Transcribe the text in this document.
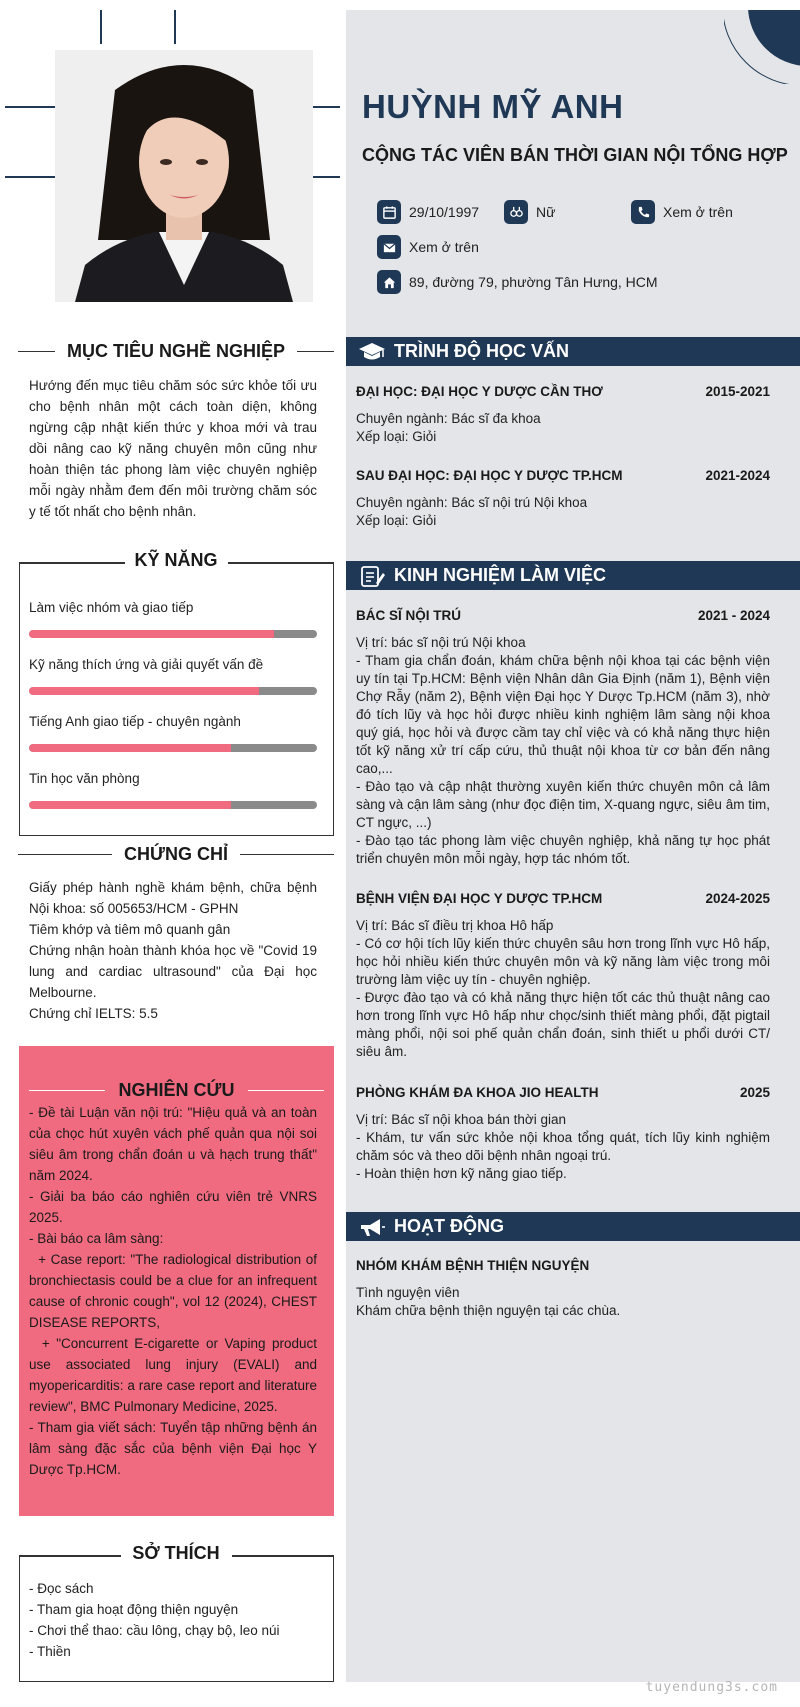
HUỲNH MỸ ANH
CỘNG TÁC VIÊN BÁN THỜI GIAN NỘI TỔNG HỢP
29/10/1997	Nữ	Xem ở trên
Xem ở trên
89, đường 79, phường Tân Hưng, HCM
MỤC TIÊU NGHỀ NGHIỆP
Hướng đến mục tiêu chăm sóc sức khỏe tối ưu cho bệnh nhân một cách toàn diện, không ngừng cập nhật kiến thức y khoa mới và trau dồi nâng cao kỹ năng chuyên môn cũng như hoàn thiện tác phong làm việc chuyên nghiệp mỗi ngày nhằm đem đến môi trường chăm sóc y tế tốt nhất cho bệnh nhân.
KỸ NĂNG
Làm việc nhóm và giao tiếp
Kỹ năng thích ứng và giải quyết vấn đề
Tiếng Anh giao tiếp - chuyên ngành
Tin học văn phòng
CHỨNG CHỈ
Giấy phép hành nghề khám bệnh, chữa bệnh Nội khoa: số 005653/HCM - GPHN
Tiêm khớp và tiêm mô quanh gân
Chứng nhận hoàn thành khóa học về "Covid 19 lung and cardiac ultrasound" của Đại học Melbourne.
Chứng chỉ IELTS: 5.5
NGHIÊN CỨU
- Đề tài Luận văn nội trú: "Hiệu quả và an toàn của chọc hút xuyên vách phế quản qua nội soi siêu âm trong chẩn đoán u và hạch trung thất" năm 2024.
- Giải ba báo cáo nghiên cứu viên trẻ VNRS 2025.
- Bài báo ca lâm sàng:
+ Case report: "The radiological distribution of bronchiectasis could be a clue for an infrequent cause of chronic cough", vol 12 (2024), CHEST DISEASE REPORTS,
+ "Concurrent E-cigarette or Vaping product use associated lung injury (EVALI) and myopericarditis: a rare case report and literature review", BMC Pulmonary Medicine, 2025.
- Tham gia viết sách: Tuyển tập những bệnh án lâm sàng đặc sắc của bệnh viện Đại học Y Dược Tp.HCM.
SỞ THÍCH
- Đọc sách
- Tham gia hoạt động thiện nguyện
- Chơi thể thao: cầu lông, chạy bộ, leo núi
- Thiền
TRÌNH ĐỘ HỌC VẤN
ĐẠI HỌC: ĐẠI HỌC Y DƯỢC CẦN THƠ	2015-2021
Chuyên ngành: Bác sĩ đa khoa
Xếp loại: Giỏi
SAU ĐẠI HỌC: ĐẠI HỌC Y DƯỢC TP.HCM	2021-2024
Chuyên ngành: Bác sĩ nội trú Nội khoa
Xếp loại: Giỏi
KINH NGHIỆM LÀM VIỆC
BÁC SĨ NỘI TRÚ	2021 - 2024
Vị trí: bác sĩ nội trú Nội khoa
- Tham gia chẩn đoán, khám chữa bệnh nội khoa tại các bệnh viện uy tín tại Tp.HCM: Bệnh viện Nhân dân Gia Định (năm 1), Bệnh viện Chợ Rẫy (năm 2), Bệnh viện Đại học Y Dược Tp.HCM (năm 3), nhờ đó tích lũy và học hỏi được nhiều kinh nghiệm lâm sàng nội khoa quý giá, học hỏi và được cầm tay chỉ việc và có khả năng thực hiện tốt kỹ năng xử trí cấp cứu, thủ thuật nội khoa từ cơ bản đến nâng cao,...
- Đào tạo và cập nhật thường xuyên kiến thức chuyên môn cả lâm sàng và cận lâm sàng (như đọc điện tim, X-quang ngực, siêu âm tim, CT ngực, ...)
- Đào tạo tác phong làm việc chuyên nghiệp, khả năng tự học phát triển chuyên môn mỗi ngày, hợp tác nhóm tốt.
BỆNH VIỆN ĐẠI HỌC Y DƯỢC TP.HCM	2024-2025
Vị trí: Bác sĩ điều trị khoa Hô hấp
- Có cơ hội tích lũy kiến thức chuyên sâu hơn trong lĩnh vực Hô hấp, học hỏi nhiều kiến thức chuyên môn và kỹ năng làm việc trong môi trường làm việc uy tín - chuyên nghiệp.
- Được đào tạo và có khả năng thực hiện tốt các thủ thuật nâng cao hơn trong lĩnh vực Hô hấp như chọc/sinh thiết màng phổi, đặt pigtail màng phổi, nội soi phế quản chẩn đoán, sinh thiết u phổi dưới CT/ siêu âm.
PHÒNG KHÁM ĐA KHOA JIO HEALTH	2025
Vị trí: Bác sĩ nội khoa bán thời gian
- Khám, tư vấn sức khỏe nội khoa tổng quát, tích lũy kinh nghiệm chăm sóc và theo dõi bệnh nhân ngoại trú.
- Hoàn thiện hơn kỹ năng giao tiếp.
HOẠT ĐỘNG
NHÓM KHÁM BỆNH THIỆN NGUYỆN
Tình nguyện viên
Khám chữa bệnh thiện nguyện tại các chùa.
tuyendung3s.com
